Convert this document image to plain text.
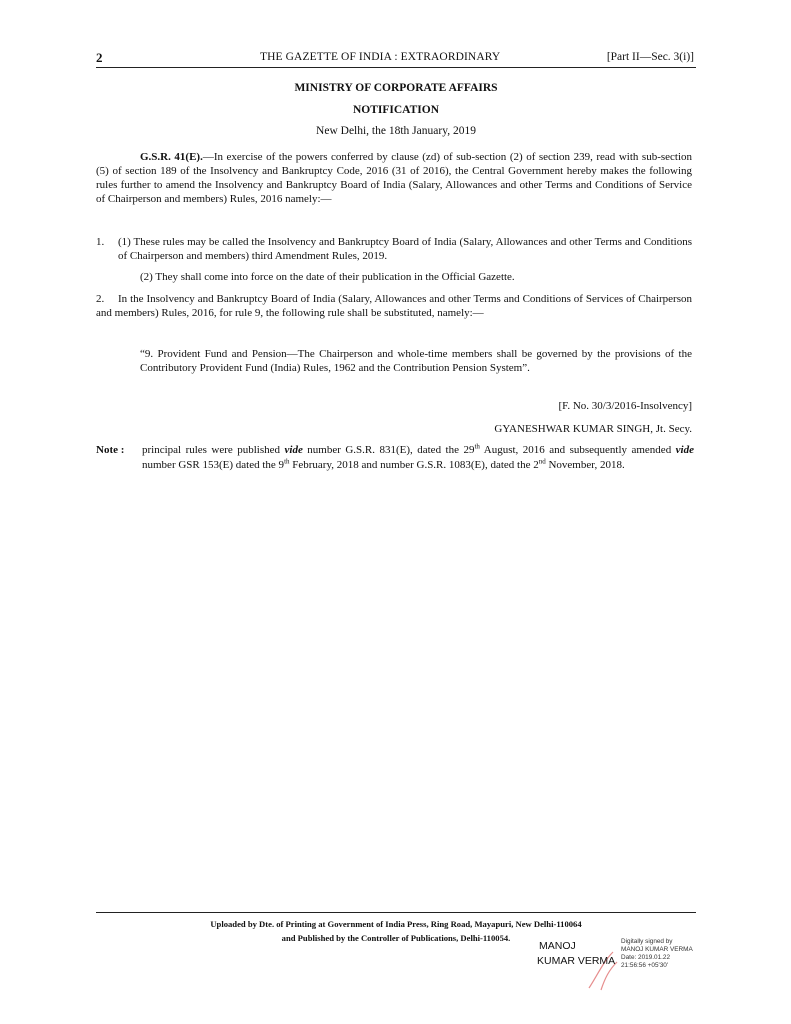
2	THE GAZETTE OF INDIA : EXTRAORDINARY	[Part II—Sec. 3(i)]
MINISTRY OF CORPORATE AFFAIRS
NOTIFICATION
New Delhi, the 18th January, 2019
G.S.R. 41(E).—In exercise of the powers conferred by clause (zd) of sub-section (2) of section 239, read with sub-section (5) of section 189 of the Insolvency and Bankruptcy Code, 2016 (31 of 2016), the Central Government hereby makes the following rules further to amend the Insolvency and Bankruptcy Board of India (Salary, Allowances and other Terms and Conditions of Service of Chairperson and members) Rules, 2016 namely:—
1.	(1) These rules may be called the Insolvency and Bankruptcy Board of India (Salary, Allowances and other Terms and Conditions of Chairperson and members) third Amendment Rules, 2019.
(2) They shall come into force on the date of their publication in the Official Gazette.
2. In the Insolvency and Bankruptcy Board of India (Salary, Allowances and other Terms and Conditions of Services of Chairperson and members) Rules, 2016, for rule 9, the following rule shall be substituted, namely:—
“9. Provident Fund and Pension—The Chairperson and whole-time members shall be governed by the provisions of the Contributory Provident Fund (India) Rules, 1962 and the Contribution Pension System”.
[F. No. 30/3/2016-Insolvency]
GYANESHWAR KUMAR SINGH, Jt. Secy.
Note : principal rules were published vide number G.S.R. 831(E), dated the 29th August, 2016 and subsequently amended vide number GSR 153(E) dated the 9th February, 2018 and number G.S.R. 1083(E), dated the 2nd November, 2018.
Uploaded by Dte. of Printing at Government of India Press, Ring Road, Mayapuri, New Delhi-110064
and Published by the Controller of Publications, Delhi-110054.
MANOJ
KUMAR VERMA
Digitally signed by
MANOJ KUMAR VERMA
Date: 2019.01.22
21:56:56 +05'30'
